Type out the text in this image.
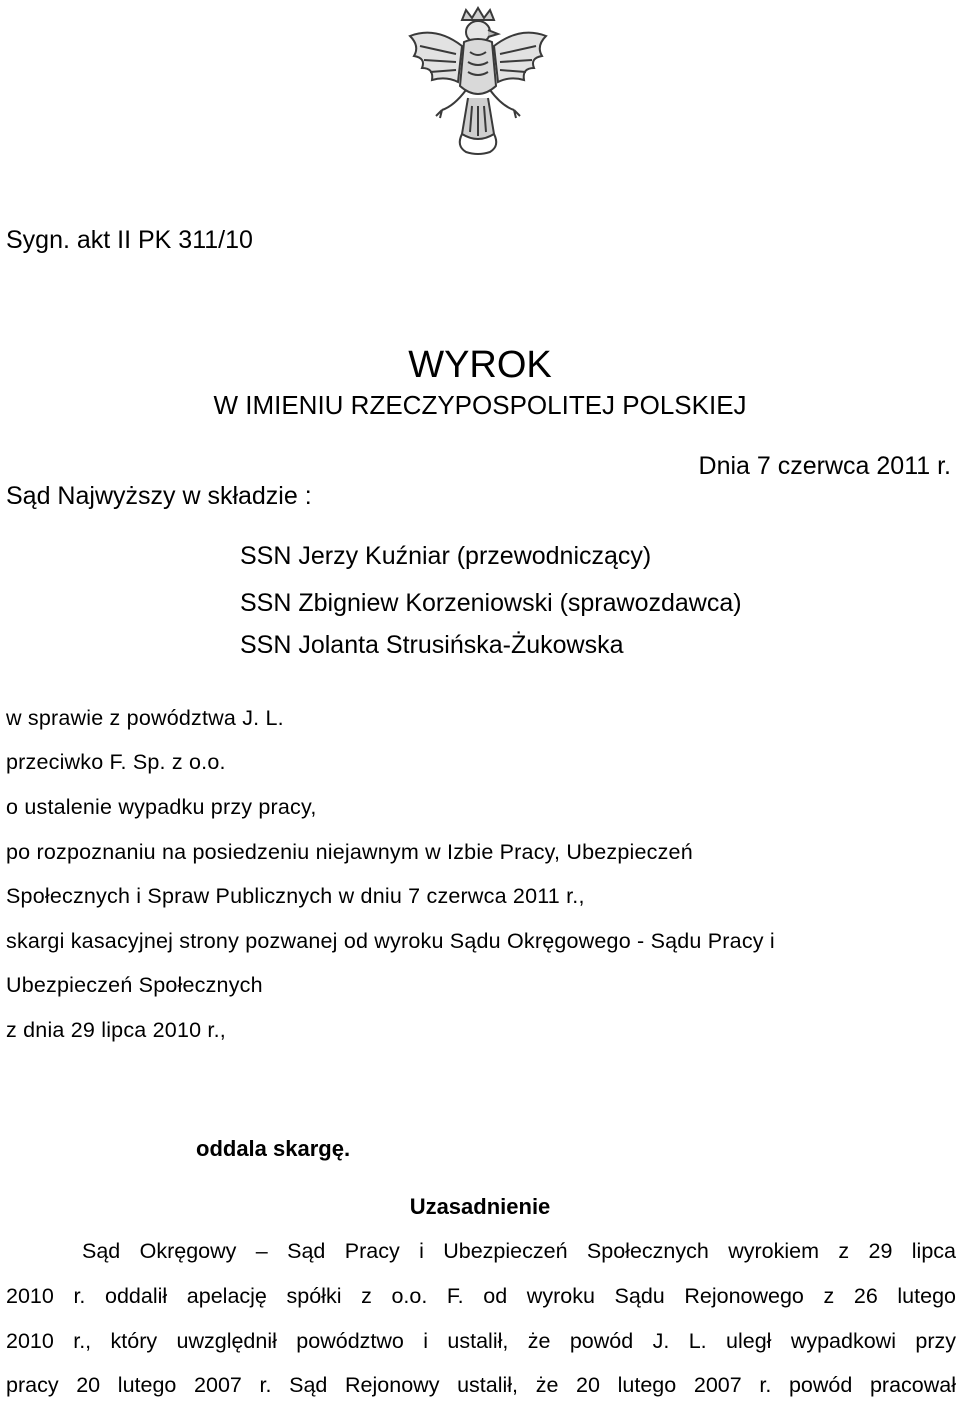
Sygn. akt II PK 311/10
WYROK
W IMIENIU RZECZYPOSPOLITEJ POLSKIEJ
Dnia 7 czerwca 2011 r.
Sąd Najwyższy w składzie :
SSN Jerzy Kuźniar (przewodniczący)
SSN Zbigniew Korzeniowski (sprawozdawca)
SSN Jolanta Strusińska-Żukowska
w sprawie z powództwa J. L.
przeciwko F. Sp. z o.o.
o ustalenie wypadku przy pracy,
po rozpoznaniu na posiedzeniu niejawnym w Izbie Pracy, Ubezpieczeń
Społecznych i Spraw Publicznych w dniu 7 czerwca 2011 r.,
skargi kasacyjnej strony pozwanej od wyroku Sądu Okręgowego - Sądu Pracy i
Ubezpieczeń Społecznych
z dnia 29 lipca 2010 r.,
oddala skargę.
Uzasadnienie
Sąd Okręgowy – Sąd Pracy i Ubezpieczeń Społecznych wyrokiem z 29 lipca
2010 r. oddalił apelację spółki z o.o. F. od wyroku Sądu Rejonowego z 26 lutego
2010 r., który uwzględnił powództwo i ustalił, że powód J. L. uległ wypadkowi przy
pracy 20 lutego 2007 r. Sąd Rejonowy ustalił, że 20 lutego 2007 r. powód pracował
